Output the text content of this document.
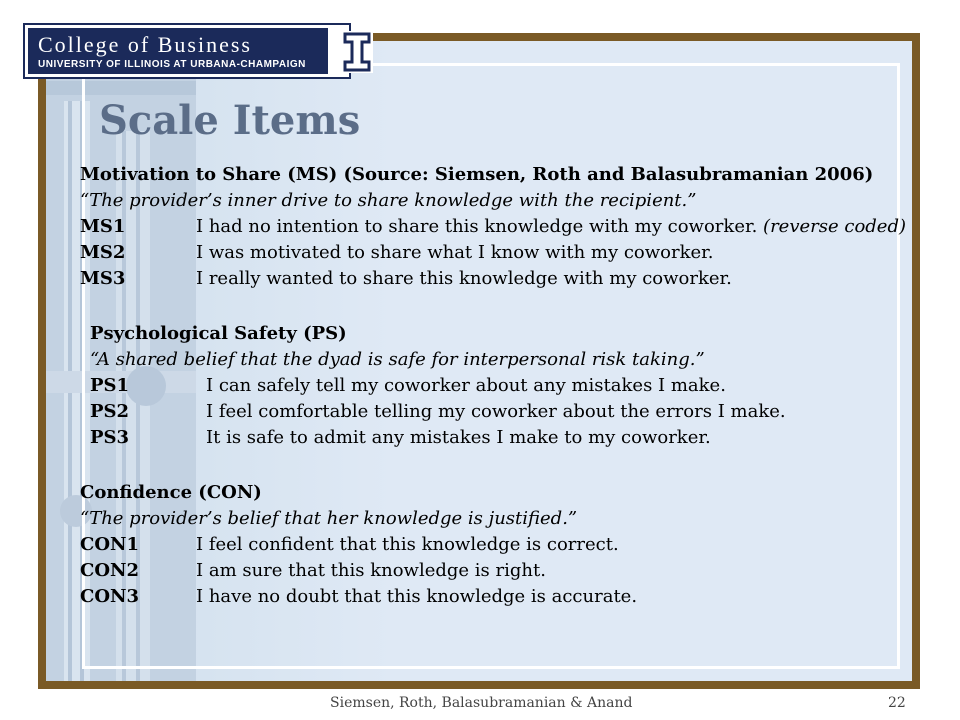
College of Business
UNIVERSITY OF ILLINOIS AT URBANA-CHAMPAIGN
Scale Items
Motivation to Share (MS) (Source: Siemsen, Roth and Balasubramanian 2006)
“The provider’s inner drive to share knowledge with the recipient.”
MS1	I had no intention to share this knowledge with my coworker. (reverse coded)
MS2	I was motivated to share what I know with my coworker.
MS3	I really wanted to share this knowledge with my coworker.
Psychological Safety (PS)
“A shared belief that the dyad is safe for interpersonal risk taking.”
PS1	I can safely tell my coworker about any mistakes I make.
PS2	I feel comfortable telling my coworker about the errors I make.
PS3	It is safe to admit any mistakes I make to my coworker.
Confidence (CON)
“The provider’s belief that her knowledge is justified.”
CON1	I feel confident that this knowledge is correct.
CON2	I am sure that this knowledge is right.
CON3	I have no doubt that this knowledge is accurate.
Siemsen, Roth, Balasubramanian & Anand	22
